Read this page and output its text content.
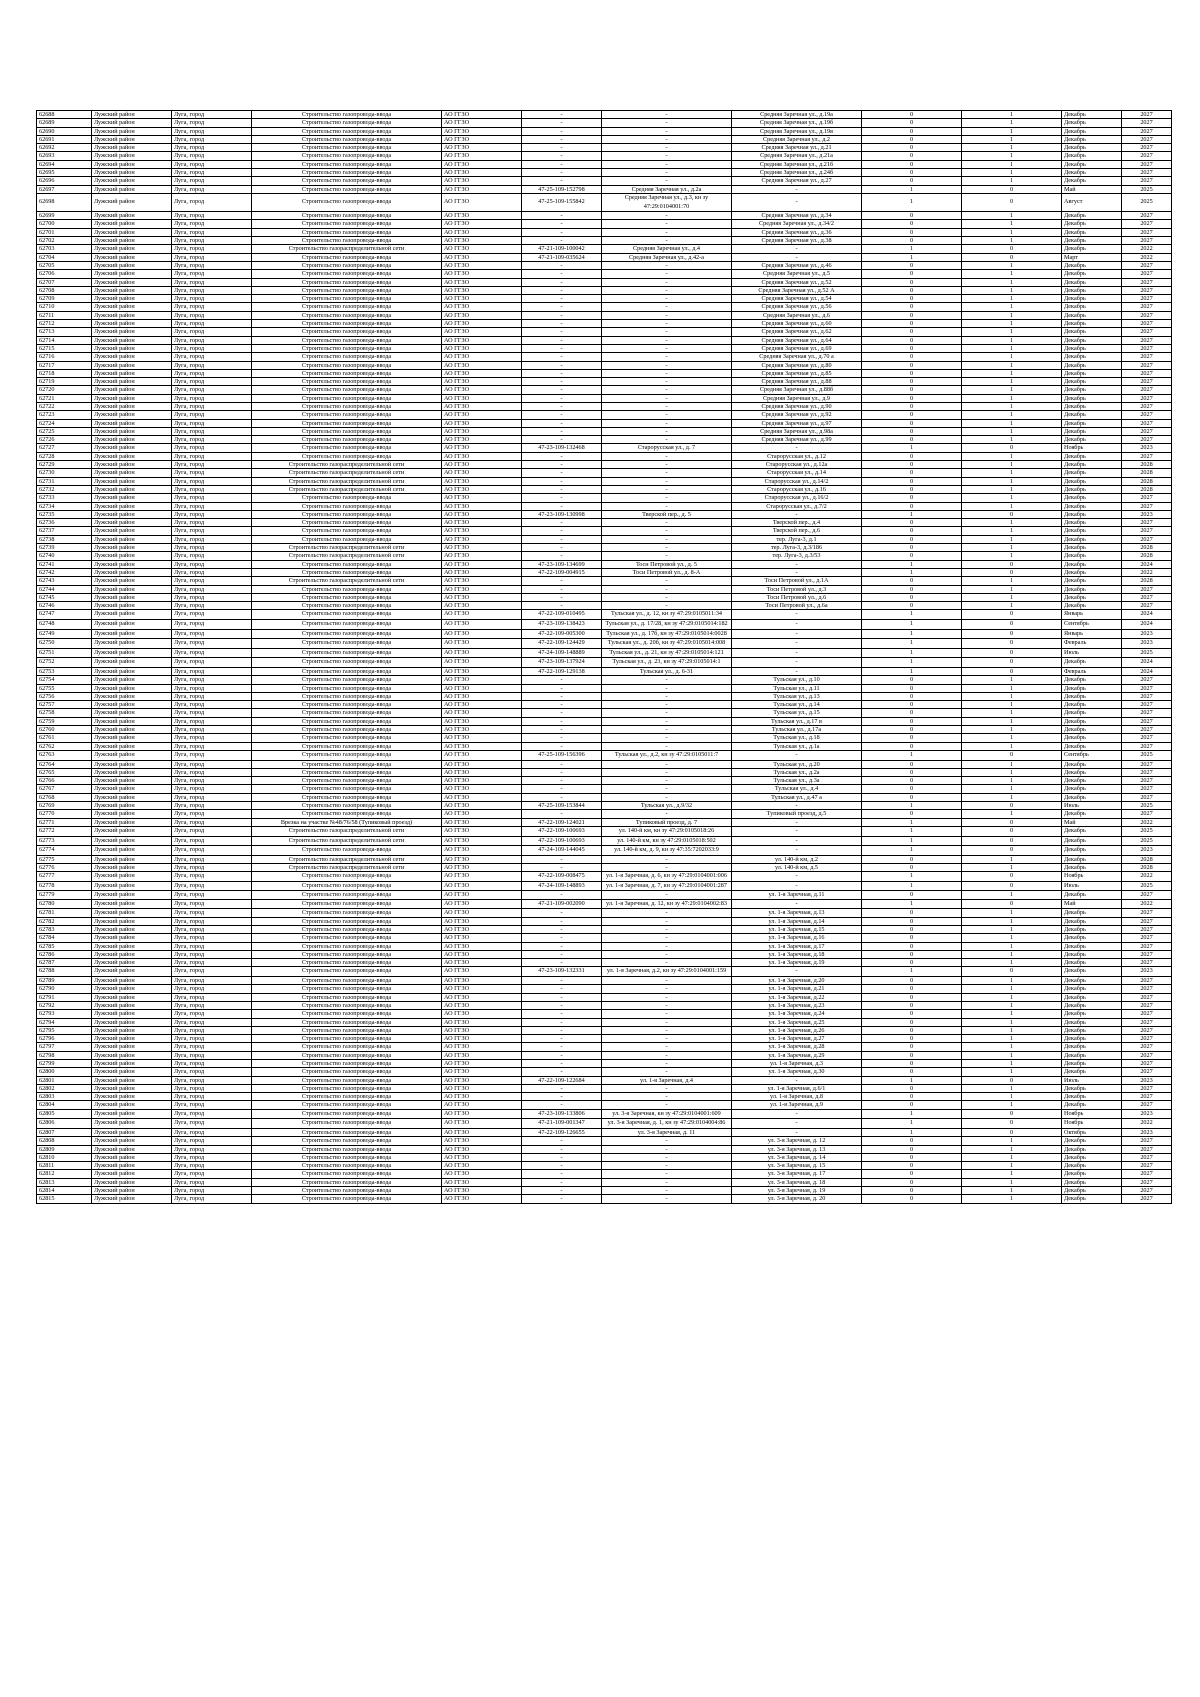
62688	Лужский район	Луга, город	Строительство газопровода-ввода	АО ГГЗО	-	-	Средняя Заречная ул., д.19а	0	1	Декабрь	2027
62689	Лужский район	Луга, город	Строительство газопровода-ввода	АО ГГЗО	-	-	Средняя Заречная ул., д.19б	0	1	Декабрь	2027
62690	Лужский район	Луга, город	Строительство газопровода-ввода	АО ГГЗО	-	-	Средняя Заречная ул., д.19в	0	1	Декабрь	2027
62691	Лужский район	Луга, город	Строительство газопровода-ввода	АО ГГЗО	-	-	Средняя Заречная ул., д.2	0	1	Декабрь	2027
62692	Лужский район	Луга, город	Строительство газопровода-ввода	АО ГГЗО	-	-	Средняя Заречная ул., д.21	0	1	Декабрь	2027
62693	Лужский район	Луга, город	Строительство газопровода-ввода	АО ГГЗО	-	-	Средняя Заречная ул., д.21а	0	1	Декабрь	2027
62694	Лужский район	Луга, город	Строительство газопровода-ввода	АО ГГЗО	-	-	Средняя Заречная ул., д.21б	0	1	Декабрь	2027
62695	Лужский район	Луга, город	Строительство газопровода-ввода	АО ГГЗО	-	-	Средняя Заречная ул., д.24б	0	1	Декабрь	2027
62696	Лужский район	Луга, город	Строительство газопровода-ввода	АО ГГЗО	-	-	Средняя Заречная ул., д.27	0	1	Декабрь	2027
62697	Лужский район	Луга, город	Строительство газопровода-ввода	АО ГГЗО	47-25-109-152798	Средняя Заречная ул., д.2а	-	1	0	Май	2025
62698	Лужский район	Луга, город	Строительство газопровода-ввода	АО ГГЗО	47-25-109-155842	Средняя Заречная ул., д.3, кн зу 47:29:0104001:70	-	1	0	Август	2025
62699	Лужский район	Луга, город	Строительство газопровода-ввода	АО ГГЗО	-	-	Средняя Заречная ул., д.34	0	1	Декабрь	2027
62700	Лужский район	Луга, город	Строительство газопровода-ввода	АО ГГЗО	-	-	Средняя Заречная ул., д.34/2	0	1	Декабрь	2027
62701	Лужский район	Луга, город	Строительство газопровода-ввода	АО ГГЗО	-	-	Средняя Заречная ул., д.36	0	1	Декабрь	2027
62702	Лужский район	Луга, город	Строительство газопровода-ввода	АО ГГЗО	-	-	Средняя Заречная ул., д.38	0	1	Декабрь	2027
62703	Лужский район	Луга, город	Строительство газораспределительной сети	АО ГГЗО	47-21-109-100042	Средняя Заречная ул., д.4	-	1	0	Декабрь	2022
62704	Лужский район	Луга, город	Строительство газопровода-ввода	АО ГГЗО	47-21-109-035624	Средняя Заречная ул., д.42-а	-	1	0	Март	2022
62705	Лужский район	Луга, город	Строительство газопровода-ввода	АО ГГЗО	-	-	Средняя Заречная ул., д.46	0	1	Декабрь	2027
62706	Лужский район	Луга, город	Строительство газопровода-ввода	АО ГГЗО	-	-	Средняя Заречная ул., д.5	0	1	Декабрь	2027
62707	Лужский район	Луга, город	Строительство газопровода-ввода	АО ГГЗО	-	-	Средняя Заречная ул., д.52	0	1	Декабрь	2027
62708	Лужский район	Луга, город	Строительство газопровода-ввода	АО ГГЗО	-	-	Средняя Заречная ул., д.52 А	0	1	Декабрь	2027
62709	Лужский район	Луга, город	Строительство газопровода-ввода	АО ГГЗО	-	-	Средняя Заречная ул., д.54	0	1	Декабрь	2027
62710	Лужский район	Луга, город	Строительство газопровода-ввода	АО ГГЗО	-	-	Средняя Заречная ул., д.56	0	1	Декабрь	2027
62711	Лужский район	Луга, город	Строительство газопровода-ввода	АО ГГЗО	-	-	Средняя Заречная ул., д.6	0	1	Декабрь	2027
62712	Лужский район	Луга, город	Строительство газопровода-ввода	АО ГГЗО	-	-	Средняя Заречная ул., д.60	0	1	Декабрь	2027
62713	Лужский район	Луга, город	Строительство газопровода-ввода	АО ГГЗО	-	-	Средняя Заречная ул., д.62	0	1	Декабрь	2027
62714	Лужский район	Луга, город	Строительство газопровода-ввода	АО ГГЗО	-	-	Средняя Заречная ул., д.64	0	1	Декабрь	2027
62715	Лужский район	Луга, город	Строительство газопровода-ввода	АО ГГЗО	-	-	Средняя Заречная ул., д.69	0	1	Декабрь	2027
62716	Лужский район	Луга, город	Строительство газопровода-ввода	АО ГГЗО	-	-	Средняя Заречная ул., д.70 а	0	1	Декабрь	2027
62717	Лужский район	Луга, город	Строительство газопровода-ввода	АО ГГЗО	-	-	Средняя Заречная ул., д.80	0	1	Декабрь	2027
62718	Лужский район	Луга, город	Строительство газопровода-ввода	АО ГГЗО	-	-	Средняя Заречная ул., д.85	0	1	Декабрь	2027
62719	Лужский район	Луга, город	Строительство газопровода-ввода	АО ГГЗО	-	-	Средняя Заречная ул., д.88	0	1	Декабрь	2027
62720	Лужский район	Луга, город	Строительство газопровода-ввода	АО ГГЗО	-	-	Средняя Заречная ул., д.88б	0	1	Декабрь	2027
62721	Лужский район	Луга, город	Строительство газопровода-ввода	АО ГГЗО	-	-	Средняя Заречная ул., д.9	0	1	Декабрь	2027
62722	Лужский район	Луга, город	Строительство газопровода-ввода	АО ГГЗО	-	-	Средняя Заречная ул., д.90	0	1	Декабрь	2027
62723	Лужский район	Луга, город	Строительство газопровода-ввода	АО ГГЗО	-	-	Средняя Заречная ул., д.92	0	1	Декабрь	2027
62724	Лужский район	Луга, город	Строительство газопровода-ввода	АО ГГЗО	-	-	Средняя Заречная ул., д.97	0	1	Декабрь	2027
62725	Лужский район	Луга, город	Строительство газопровода-ввода	АО ГГЗО	-	-	Средняя Заречная ул., д.98а	0	1	Декабрь	2027
62726	Лужский район	Луга, город	Строительство газопровода-ввода	АО ГГЗО	-	-	Средняя Заречная ул., д.99	0	1	Декабрь	2027
62727	Лужский район	Луга, город	Строительство газопровода-ввода	АО ГГЗО	47-23-109-132468	Старорусская ул., д. 7	-	1	0	Ноябрь	2023
62728	Лужский район	Луга, город	Строительство газопровода-ввода	АО ГГЗО	-	-	Старорусская ул., д.12	0	1	Декабрь	2027
62729	Лужский район	Луга, город	Строительство газораспределительной сети	АО ГГЗО	-	-	Старорусская ул., д.12а	0	1	Декабрь	2028
62730	Лужский район	Луга, город	Строительство газораспределительной сети	АО ГГЗО	-	-	Старорусская ул., д.14	0	1	Декабрь	2028
62731	Лужский район	Луга, город	Строительство газораспределительной сети	АО ГГЗО	-	-	Старорусская ул., д.14/2	0	1	Декабрь	2028
62732	Лужский район	Луга, город	Строительство газораспределительной сети	АО ГГЗО	-	-	Старорусская ул., д.16	0	1	Декабрь	2028
62733	Лужский район	Луга, город	Строительство газопровода-ввода	АО ГГЗО	-	-	Старорусская ул., д.16/2	0	1	Декабрь	2027
62734	Лужский район	Луга, город	Строительство газопровода-ввода	АО ГГЗО	-	-	Старорусская ул., д.7/2	0	1	Декабрь	2027
62735	Лужский район	Луга, город	Строительство газопровода-ввода	АО ГГЗО	47-23-109-130998	Тверской пер., д. 5	-	1	0	Декабрь	2023
62736	Лужский район	Луга, город	Строительство газопровода-ввода	АО ГГЗО	-	-	Тверской пер., д.4	0	1	Декабрь	2027
62737	Лужский район	Луга, город	Строительство газопровода-ввода	АО ГГЗО	-	-	Тверской пер., д.6	0	1	Декабрь	2027
62738	Лужский район	Луга, город	Строительство газопровода-ввода	АО ГГЗО	-	-	тер. Луга-3, д.1	0	1	Декабрь	2027
62739	Лужский район	Луга, город	Строительство газораспределительной сети	АО ГГЗО	-	-	тер. Луга-3, д.3/186	0	1	Декабрь	2028
62740	Лужский район	Луга, город	Строительство газораспределительной сети	АО ГГЗО	-	-	тер. Луга-3, д.3/53	0	1	Декабрь	2028
62741	Лужский район	Луга, город	Строительство газопровода-ввода	АО ГГЗО	47-23-109-134699	Тосн Петровой ул., д. 5	-	1	0	Декабрь	2024
62742	Лужский район	Луга, город	Строительство газопровода-ввода	АО ГГЗО	47-22-109-004915	Тоси Петровой ул., д. 8-А	-	1	0	Декабрь	2022
62743	Лужский район	Луга, город	Строительство газораспределительной сети	АО ГГЗО	-	-	Тоси Петровой ул., д.1А	0	1	Декабрь	2028
62744	Лужский район	Луга, город	Строительство газопровода-ввода	АО ГГЗО	-	-	Тоси Петровой ул., д.3	0	1	Декабрь	2027
62745	Лужский район	Луга, город	Строительство газопровода-ввода	АО ГГЗО	-	-	Тоси Петровой ул., д.6	0	1	Декабрь	2027
62746	Лужский район	Луга, город	Строительство газопровода-ввода	АО ГГЗО	-	-	Тоси Петровой ул., д.6а	0	1	Декабрь	2027
62747	Лужский район	Луга, город	Строительство газопровода-ввода	АО ГГЗО	47-22-109-010495	Тульская ул., д. 12, кн зу 47:29:0105011:34	-	1	0	Январь	2024
62748	Лужский район	Луга, город	Строительство газопровода-ввода	АО ГГЗО	47-23-109-138423	Тульская ул., д. 17/28, кн зу 47:29:0105014:182	-	1	0	Сентябрь	2024
62749	Лужский район	Луга, город	Строительство газопровода-ввода	АО ГГЗО	47-22-109-005300	Тульская ул., д. 17б, кн зу 47:29:0105014:0028	-	1	0	Январь	2023
62750	Лужский район	Луга, город	Строительство газопровода-ввода	АО ГГЗО	47-22-109-124429	Тульская ул., д. 20б, кн зу 47:29:0105014:008	-	1	0	Февраль	2023
62751	Лужский район	Луга, город	Строительство газопровода-ввода	АО ГГЗО	47-24-109-148889	Тульская ул., д. 21, кн зу 47:29:0105014:121	-	1	0	Июль	2025
62752	Лужский район	Луга, город	Строительство газопровода-ввода	АО ГГЗО	47-23-109-137924	Тульская ул., д. 23, кн зу 47:29:0105014:1	-	1	0	Декабрь	2024
62753	Лужский район	Луга, город	Строительство газопровода-ввода	АО ГГЗО	47-22-109-129138	Тульская ул., д. 6-31	-	1	0	Февраль	2024
62754	Лужский район	Луга, город	Строительство газопровода-ввода	АО ГГЗО	-	-	Тульская ул., д.10	0	1	Декабрь	2027
62755	Лужский район	Луга, город	Строительство газопровода-ввода	АО ГГЗО	-	-	Тульская ул., д.11	0	1	Декабрь	2027
62756	Лужский район	Луга, город	Строительство газопровода-ввода	АО ГГЗО	-	-	Тульская ул., д.13	0	1	Декабрь	2027
62757	Лужский район	Луга, город	Строительство газопровода-ввода	АО ГГЗО	-	-	Тульская ул., д.14	0	1	Декабрь	2027
62758	Лужский район	Луга, город	Строительство газопровода-ввода	АО ГГЗО	-	-	Тульская ул., д.15	0	1	Декабрь	2027
62759	Лужский район	Луга, город	Строительство газопровода-ввода	АО ГГЗО	-	-	Тульская ул., д.17 в	0	1	Декабрь	2027
62760	Лужский район	Луга, город	Строительство газопровода-ввода	АО ГГЗО	-	-	Тульская ул., д.17а	0	1	Декабрь	2027
62761	Лужский район	Луга, город	Строительство газопровода-ввода	АО ГГЗО	-	-	Тульская ул., д.18	0	1	Декабрь	2027
62762	Лужский район	Луга, город	Строительство газопровода-ввода	АО ГГЗО	-	-	Тульская ул., д.1а	0	1	Декабрь	2027
62763	Лужский район	Луга, город	Строительство газопровода-ввода	АО ГГЗО	47-25-109-156396	Тульская ул., д.2, кн зу 47:29:0105011:7	-	1	0	Сентябрь	2025
62764	Лужский район	Луга, город	Строительство газопровода-ввода	АО ГГЗО	-	-	Тульская ул., д.20	0	1	Декабрь	2027
62765	Лужский район	Луга, город	Строительство газопровода-ввода	АО ГГЗО	-	-	Тульская ул., д.2а	0	1	Декабрь	2027
62766	Лужский район	Луга, город	Строительство газопровода-ввода	АО ГГЗО	-	-	Тульская ул., д.3а	0	1	Декабрь	2027
62767	Лужский район	Луга, город	Строительство газопровода-ввода	АО ГГЗО	-	-	Тульская ул., д.4	0	1	Декабрь	2027
62768	Лужский район	Луга, город	Строительство газопровода-ввода	АО ГГЗО	-	-	Тульская ул., д.47 а	0	1	Декабрь	2027
62769	Лужский район	Луга, город	Строительство газопровода-ввода	АО ГГЗО	47-25-109-153844	Тульская ул., д.9/32	-	1	0	Июль	2025
62770	Лужский район	Луга, город	Строительство газопровода-ввода	АО ГГЗО	-	-	Тупиковый проезд, д.5	0	1	Декабрь	2027
62771	Лужский район	Луга, город	Врезка на участке №48/76/58 (Тупиковый проезд)	АО ГГЗО	47-22-109-124021	Тупиковый проезд, д. 7	-	1	0	Май	2022
62772	Лужский район	Луга, город	Строительство газораспределительной сети	АО ГГЗО	47-22-109-100693	ул. 140-й км, кн зу 47:29:0105018:26	-	1	0	Декабрь	2025
62773	Лужский район	Луга, город	Строительство газораспределительной сети	АО ГГЗО	47-22-109-100693	ул. 140-й км, кн зу 47:29:0105018:502	-	1	0	Декабрь	2025
62774	Лужский район	Луга, город	Строительство газопровода-ввода	АО ГГЗО	47-24-109-144045	ул. 140-й км, д. 9, кн зу 47:35:7202033:9	-	1	0	Декабрь	2023
62775	Лужский район	Луга, город	Строительство газораспределительной сети	АО ГГЗО	-	-	ул. 140-й км, д.2	0	1	Декабрь	2028
62776	Лужский район	Луга, город	Строительство газораспределительной сети	АО ГГЗО	-	-	ул. 140-й км, д.5	0	1	Декабрь	2028
62777	Лужский район	Луга, город	Строительство газопровода-ввода	АО ГГЗО	47-22-109-008475	ул. 1-я Заречная, д. 6, кн зу 47:29:0104001:006	-	1	0	Ноябрь	2022
62778	Лужский район	Луга, город	Строительство газопровода-ввода	АО ГГЗО	47-24-109-148893	ул. 1-я Заречная, д. 7, кн зу 47:29:0104001:287	-	1	0	Июль	2025
62779	Лужский район	Луга, город	Строительство газопровода-ввода	АО ГГЗО	-	-	ул. 1-я Заречная, д.11	0	1	Декабрь	2027
62780	Лужский район	Луга, город	Строительство газопровода-ввода	АО ГГЗО	47-21-109-002090	ул. 1-я Заречная, д. 12, кн зу 47:29:0104002:83	-	1	0	Май	2022
62781	Лужский район	Луга, город	Строительство газопровода-ввода	АО ГГЗО	-	-	ул. 1-я Заречная, д.13	0	1	Декабрь	2027
62782	Лужский район	Луга, город	Строительство газопровода-ввода	АО ГГЗО	-	-	ул. 1-я Заречная, д.14	0	1	Декабрь	2027
62783	Лужский район	Луга, город	Строительство газопровода-ввода	АО ГГЗО	-	-	ул. 1-я Заречная, д.15	0	1	Декабрь	2027
62784	Лужский район	Луга, город	Строительство газопровода-ввода	АО ГГЗО	-	-	ул. 1-я Заречная, д.16	0	1	Декабрь	2027
62785	Лужский район	Луга, город	Строительство газопровода-ввода	АО ГГЗО	-	-	ул. 1-я Заречная, д.17	0	1	Декабрь	2027
62786	Лужский район	Луга, город	Строительство газопровода-ввода	АО ГГЗО	-	-	ул. 1-я Заречная, д.18	0	1	Декабрь	2027
62787	Лужский район	Луга, город	Строительство газопровода-ввода	АО ГГЗО	-	-	ул. 1-я Заречная, д.19	0	1	Декабрь	2027
62788	Лужский район	Луга, город	Строительство газопровода-ввода	АО ГГЗО	47-23-109-132331	ул. 1-я Заречная, д.2, кн зу 47:29:0104001:159	-	1	0	Декабрь	2023
62789	Лужский район	Луга, город	Строительство газопровода-ввода	АО ГГЗО	-	-	ул. 1-я Заречная, д.20	0	1	Декабрь	2027
62790	Лужский район	Луга, город	Строительство газопровода-ввода	АО ГГЗО	-	-	ул. 1-я Заречная, д.21	0	1	Декабрь	2027
62791	Лужский район	Луга, город	Строительство газопровода-ввода	АО ГГЗО	-	-	ул. 1-я Заречная, д.22	0	1	Декабрь	2027
62792	Лужский район	Луга, город	Строительство газопровода-ввода	АО ГГЗО	-	-	ул. 1-я Заречная, д.23	0	1	Декабрь	2027
62793	Лужский район	Луга, город	Строительство газопровода-ввода	АО ГГЗО	-	-	ул. 1-я Заречная, д.24	0	1	Декабрь	2027
62794	Лужский район	Луга, город	Строительство газопровода-ввода	АО ГГЗО	-	-	ул. 1-я Заречная, д.25	0	1	Декабрь	2027
62795	Лужский район	Луга, город	Строительство газопровода-ввода	АО ГГЗО	-	-	ул. 1-я Заречная, д.26	0	1	Декабрь	2027
62796	Лужский район	Луга, город	Строительство газопровода-ввода	АО ГГЗО	-	-	ул. 1-я Заречная, д.27	0	1	Декабрь	2027
62797	Лужский район	Луга, город	Строительство газопровода-ввода	АО ГГЗО	-	-	ул. 1-я Заречная, д.28	0	1	Декабрь	2027
62798	Лужский район	Луга, город	Строительство газопровода-ввода	АО ГГЗО	-	-	ул. 1-я Заречная, д.29	0	1	Декабрь	2027
62799	Лужский район	Луга, город	Строительство газопровода-ввода	АО ГГЗО	-	-	ул. 1-я Заречная, д.3	0	1	Декабрь	2027
62800	Лужский район	Луга, город	Строительство газопровода-ввода	АО ГГЗО	-	-	ул. 1-я Заречная, д.30	0	1	Декабрь	2027
62801	Лужский район	Луга, город	Строительство газопровода-ввода	АО ГГЗО	47-22-109-122684	ул. 1-я Заречная, д.4	-	1	0	Июль	2023
62802	Лужский район	Луга, город	Строительство газопровода-ввода	АО ГГЗО	-	-	ул. 1-я Заречная, д.6/1	0	1	Декабрь	2027
62803	Лужский район	Луга, город	Строительство газопровода-ввода	АО ГГЗО	-	-	ул. 1-я Заречная, д.8	0	1	Декабрь	2027
62804	Лужский район	Луга, город	Строительство газопровода-ввода	АО ГГЗО	-	-	ул. 1-я Заречная, д.9	0	1	Декабрь	2027
62805	Лужский район	Луга, город	Строительство газопровода-ввода	АО ГГЗО	47-23-109-133806	ул. 3-я Заречная, кн зу 47:29:0104001:609	-	1	0	Ноябрь	2023
62806	Лужский район	Луга, город	Строительство газопровода-ввода	АО ГГЗО	47-21-109-001347	ул. 3-я Заречная, д. 1, кн зу 47:29:0104004:86	-	1	0	Ноябрь	2022
62807	Лужский район	Луга, город	Строительство газопровода-ввода	АО ГГЗО	47-22-109-126655	ул. 3-я Заречная, д. 11	-	1	0	Октябрь	2023
62808	Лужский район	Луга, город	Строительство газопровода-ввода	АО ГГЗО	-	-	ул. 3-я Заречная, д. 12	0	1	Декабрь	2027
62809	Лужский район	Луга, город	Строительство газопровода-ввода	АО ГГЗО	-	-	ул. 3-я Заречная, д. 13	0	1	Декабрь	2027
62810	Лужский район	Луга, город	Строительство газопровода-ввода	АО ГГЗО	-	-	ул. 3-я Заречная, д. 14	0	1	Декабрь	2027
62811	Лужский район	Луга, город	Строительство газопровода-ввода	АО ГГЗО	-	-	ул. 3-я Заречная, д. 15	0	1	Декабрь	2027
62812	Лужский район	Луга, город	Строительство газопровода-ввода	АО ГГЗО	-	-	ул. 3-я Заречная, д. 17	0	1	Декабрь	2027
62813	Лужский район	Луга, город	Строительство газопровода-ввода	АО ГГЗО	-	-	ул. 3-я Заречная, д. 18	0	1	Декабрь	2027
62814	Лужский район	Луга, город	Строительство газопровода-ввода	АО ГГЗО	-	-	ул. 3-я Заречная, д. 19	0	1	Декабрь	2027
62815	Лужский район	Луга, город	Строительство газопровода-ввода	АО ГГЗО	-	-	ул. 3-я Заречная, д. 20	0	1	Декабрь	2027
